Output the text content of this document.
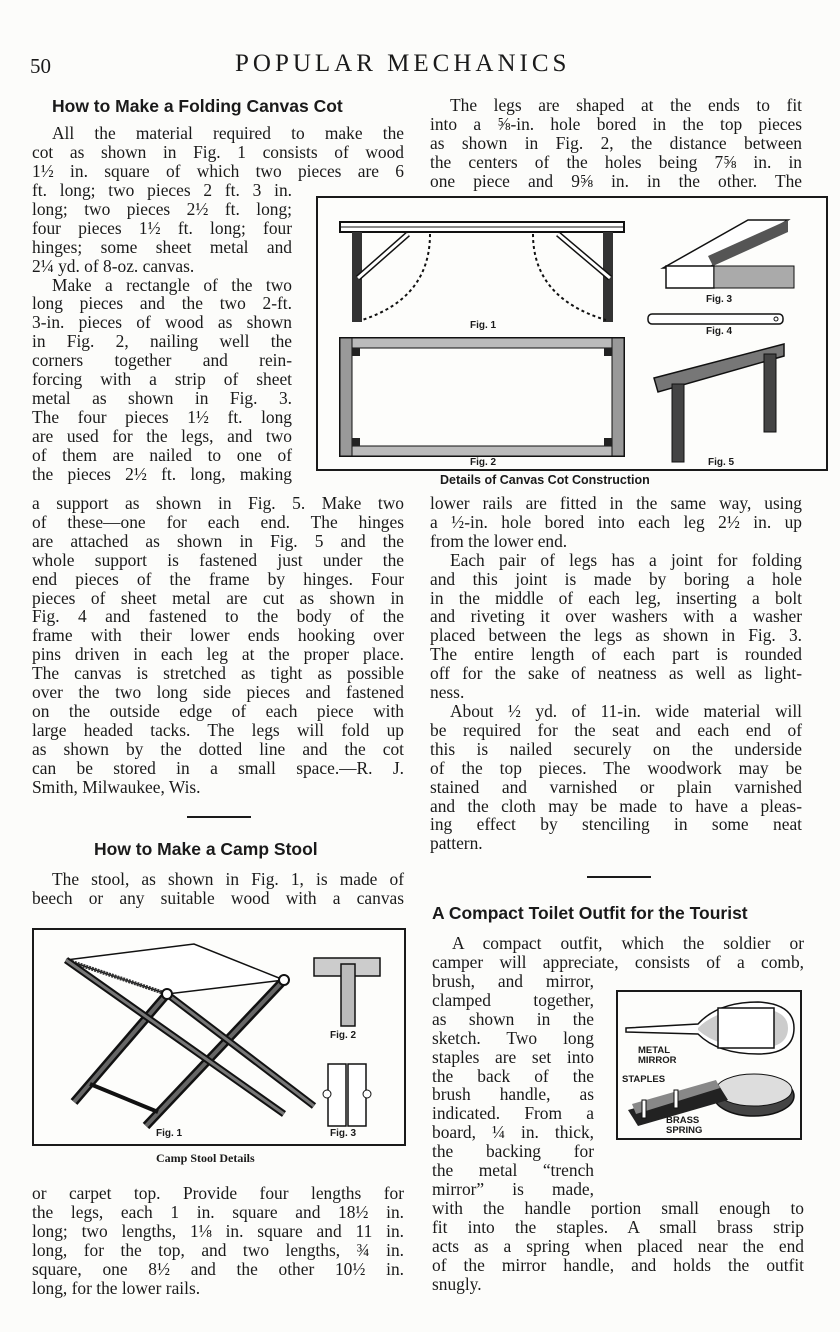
50	POPULAR MECHANICS
How to Make a Folding Canvas Cot
All the material required to make the
cot as shown in Fig. 1 consists of wood
1½ in. square of which two pieces are 6
ft. long; two pieces 2 ft. 3 in.
long; two pieces 2½ ft. long;
four pieces 1½ ft. long; four
hinges; some sheet metal and
2¼ yd. of 8-oz. canvas.
Make a rectangle of the two
long pieces and the two 2-ft.
3-in. pieces of wood as shown
in Fig. 2, nailing well the
corners together and rein-
forcing with a strip of sheet
metal as shown in Fig. 3.
The four pieces 1½ ft. long
are used for the legs, and two
of them are nailed to one of
the pieces 2½ ft. long, making
a support as shown in Fig. 5. Make two
of these—one for each end. The hinges
are attached as shown in Fig. 5 and the
whole support is fastened just under the
end pieces of the frame by hinges. Four
pieces of sheet metal are cut as shown in
Fig. 4 and fastened to the body of the
frame with their lower ends hooking over
pins driven in each leg at the proper place.
The canvas is stretched as tight as possible
over the two long side pieces and fastened
on the outside edge of each piece with
large headed tacks. The legs will fold up
as shown by the dotted line and the cot
can be stored in a small space.—R. J.
Smith, Milwaukee, Wis.
Fig. 1
Fig. 2
Fig. 3
Fig. 4
Fig. 5
Details of Canvas Cot Construction
The legs are shaped at the ends to fit
into a ⅝-in. hole bored in the top pieces
as shown in Fig. 2, the distance between
the centers of the holes being 7⅝ in. in
one piece and 9⅝ in. in the other. The
lower rails are fitted in the same way, using
a ½-in. hole bored into each leg 2½ in. up
from the lower end.
Each pair of legs has a joint for folding
and this joint is made by boring a hole
in the middle of each leg, inserting a bolt
and riveting it over washers with a washer
placed between the legs as shown in Fig. 3.
The entire length of each part is rounded
off for the sake of neatness as well as light-
ness.
About ½ yd. of 11-in. wide material will
be required for the seat and each end of
this is nailed securely on the underside
of the top pieces. The woodwork may be
stained and varnished or plain varnished
and the cloth may be made to have a pleas-
ing effect by stenciling in some neat
pattern.
How to Make a Camp Stool
The stool, as shown in Fig. 1, is made of
beech or any suitable wood with a canvas
Fig. 1
Fig. 2
Fig. 3
Camp Stool Details
or carpet top. Provide four lengths for
the legs, each 1 in. square and 18½ in.
long; two lengths, 1⅛ in. square and 11 in.
long, for the top, and two lengths, ¾ in.
square, one 8½ and the other 10½ in.
long, for the lower rails.
A Compact Toilet Outfit for the Tourist
A compact outfit, which the soldier or
camper will appreciate, consists of a comb,
brush, and mirror,
clamped together,
as shown in the
sketch. Two long
staples are set into
the back of the
brush handle, as
indicated. From a
board, ¼ in. thick,
the backing for
the metal “trench
mirror” is made,
METAL
MIRROR
STAPLES
BRASS
SPRING
with the handle portion small enough to
fit into the staples. A small brass strip
acts as a spring when placed near the end
of the mirror handle, and holds the outfit
snugly.
